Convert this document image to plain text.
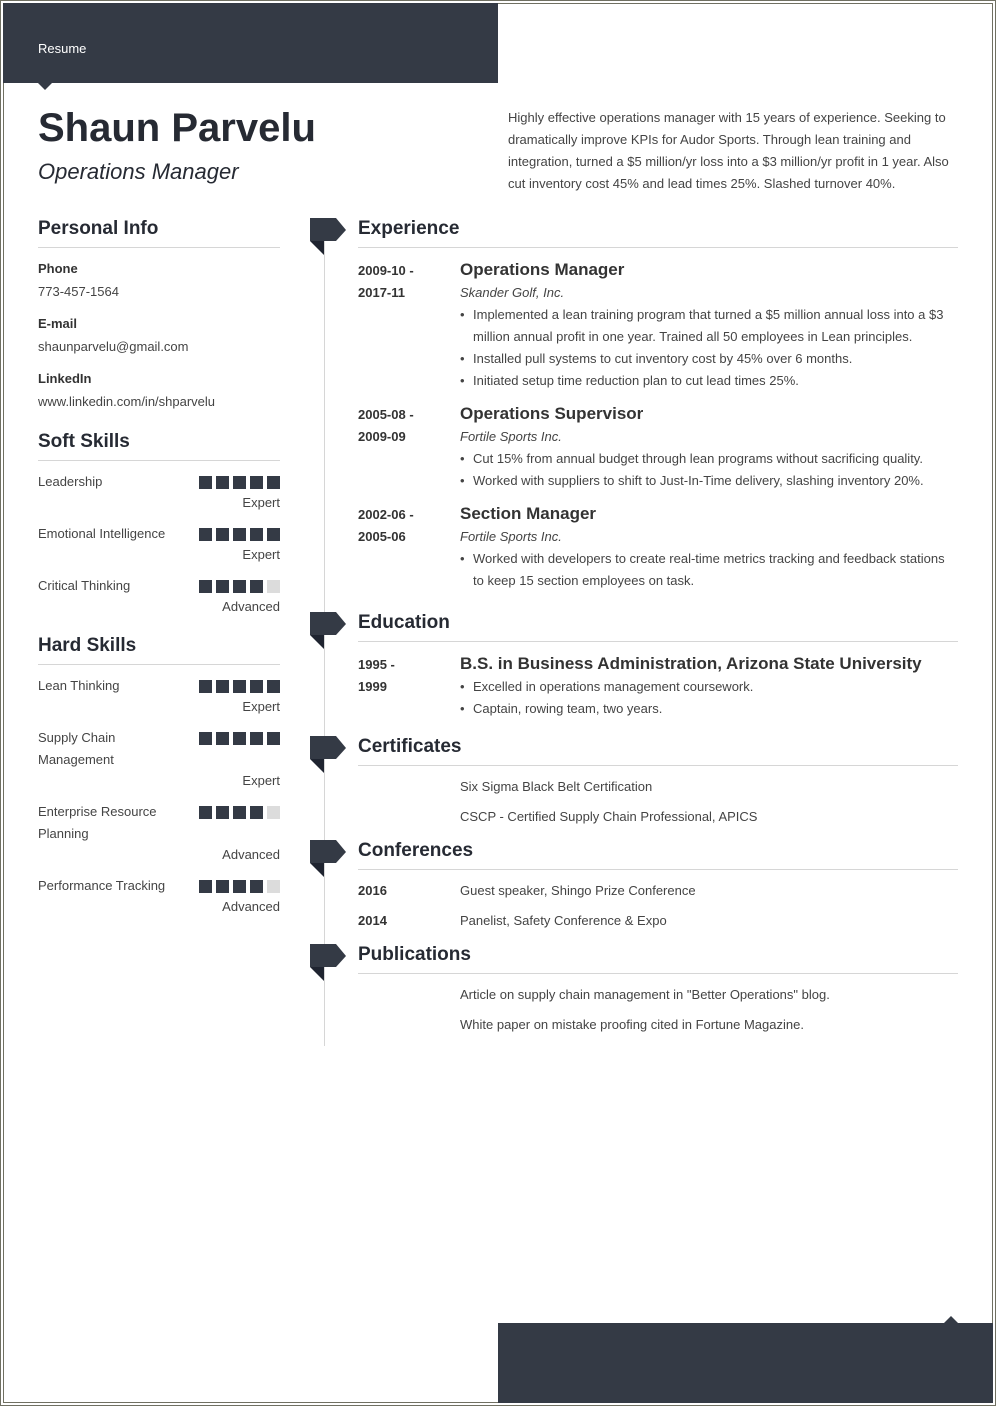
Resume
Shaun Parvelu
Operations Manager
Highly effective operations manager with 15 years of experience. Seeking to dramatically improve KPIs for Audor Sports. Through lean training and integration, turned a $5 million/yr loss into a $3 million/yr profit in 1 year. Also cut inventory cost 45% and lead times 25%. Slashed turnover 40%.
Personal Info
Phone
773-457-1564
E-mail
shaunparvelu@gmail.com
LinkedIn
www.linkedin.com/in/shparvelu
Soft Skills
Leadership
Expert
Emotional Intelligence
Expert
Critical Thinking
Advanced
Hard Skills
Lean Thinking
Expert
Supply Chain Management
Expert
Enterprise Resource Planning
Advanced
Performance Tracking
Advanced
Experience
2009-10 -
2017-11
Operations Manager
Skander Golf, Inc.
• Implemented a lean training program that turned a $5 million annual loss into a $3 million annual profit in one year. Trained all 50 employees in Lean principles.
• Installed pull systems to cut inventory cost by 45% over 6 months.
• Initiated setup time reduction plan to cut lead times 25%.
2005-08 -
2009-09
Operations Supervisor
Fortile Sports Inc.
• Cut 15% from annual budget through lean programs without sacrificing quality.
• Worked with suppliers to shift to Just-In-Time delivery, slashing inventory 20%.
2002-06 -
2005-06
Section Manager
Fortile Sports Inc.
• Worked with developers to create real-time metrics tracking and feedback stations to keep 15 section employees on task.
Education
1995 -
1999
B.S. in Business Administration, Arizona State University
• Excelled in operations management coursework.
• Captain, rowing team, two years.
Certificates
Six Sigma Black Belt Certification
CSCP - Certified Supply Chain Professional, APICS
Conferences
2016	Guest speaker, Shingo Prize Conference
2014	Panelist, Safety Conference & Expo
Publications
Article on supply chain management in "Better Operations" blog.
White paper on mistake proofing cited in Fortune Magazine.
